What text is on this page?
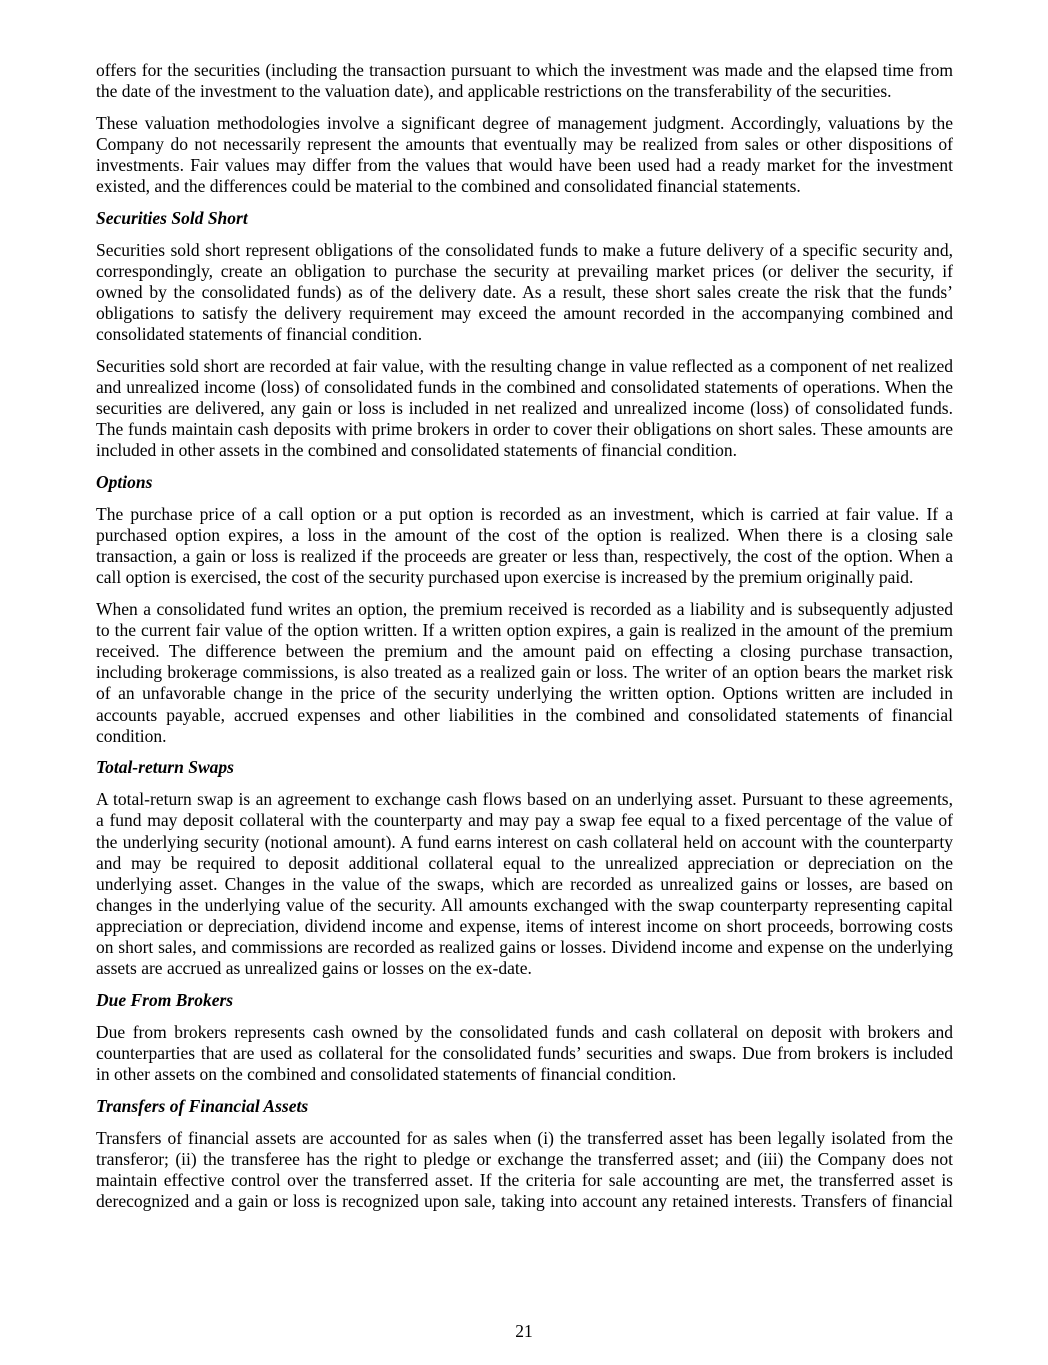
offers for the securities (including the transaction pursuant to which the investment was made and the elapsed time from
the date of the investment to the valuation date), and applicable restrictions on the transferability of the securities.
These valuation methodologies involve a significant degree of management judgment. Accordingly, valuations by the
Company do not necessarily represent the amounts that eventually may be realized from sales or other dispositions of
investments. Fair values may differ from the values that would have been used had a ready market for the investment
existed, and the differences could be material to the combined and consolidated financial statements.
Securities Sold Short
Securities sold short represent obligations of the consolidated funds to make a future delivery of a specific security and,
correspondingly, create an obligation to purchase the security at prevailing market prices (or deliver the security, if
owned by the consolidated funds) as of the delivery date. As a result, these short sales create the risk that the funds’
obligations to satisfy the delivery requirement may exceed the amount recorded in the accompanying combined and
consolidated statements of financial condition.
Securities sold short are recorded at fair value, with the resulting change in value reflected as a component of net realized
and unrealized income (loss) of consolidated funds in the combined and consolidated statements of operations. When the
securities are delivered, any gain or loss is included in net realized and unrealized income (loss) of consolidated funds.
The funds maintain cash deposits with prime brokers in order to cover their obligations on short sales. These amounts are
included in other assets in the combined and consolidated statements of financial condition.
Options
The purchase price of a call option or a put option is recorded as an investment, which is carried at fair value. If a
purchased option expires, a loss in the amount of the cost of the option is realized. When there is a closing sale
transaction, a gain or loss is realized if the proceeds are greater or less than, respectively, the cost of the option. When a
call option is exercised, the cost of the security purchased upon exercise is increased by the premium originally paid.
When a consolidated fund writes an option, the premium received is recorded as a liability and is subsequently adjusted
to the current fair value of the option written. If a written option expires, a gain is realized in the amount of the premium
received. The difference between the premium and the amount paid on effecting a closing purchase transaction,
including brokerage commissions, is also treated as a realized gain or loss. The writer of an option bears the market risk
of an unfavorable change in the price of the security underlying the written option. Options written are included in
accounts payable, accrued expenses and other liabilities in the combined and consolidated statements of financial
condition.
Total-return Swaps
A total-return swap is an agreement to exchange cash flows based on an underlying asset. Pursuant to these agreements,
a fund may deposit collateral with the counterparty and may pay a swap fee equal to a fixed percentage of the value of
the underlying security (notional amount). A fund earns interest on cash collateral held on account with the counterparty
and may be required to deposit additional collateral equal to the unrealized appreciation or depreciation on the
underlying asset. Changes in the value of the swaps, which are recorded as unrealized gains or losses, are based on
changes in the underlying value of the security. All amounts exchanged with the swap counterparty representing capital
appreciation or depreciation, dividend income and expense, items of interest income on short proceeds, borrowing costs
on short sales, and commissions are recorded as realized gains or losses. Dividend income and expense on the underlying
assets are accrued as unrealized gains or losses on the ex-date.
Due From Brokers
Due from brokers represents cash owned by the consolidated funds and cash collateral on deposit with brokers and
counterparties that are used as collateral for the consolidated funds’ securities and swaps. Due from brokers is included
in other assets on the combined and consolidated statements of financial condition.
Transfers of Financial Assets
Transfers of financial assets are accounted for as sales when (i) the transferred asset has been legally isolated from the
transferor; (ii) the transferee has the right to pledge or exchange the transferred asset; and (iii) the Company does not
maintain effective control over the transferred asset. If the criteria for sale accounting are met, the transferred asset is
derecognized and a gain or loss is recognized upon sale, taking into account any retained interests. Transfers of financial
21
